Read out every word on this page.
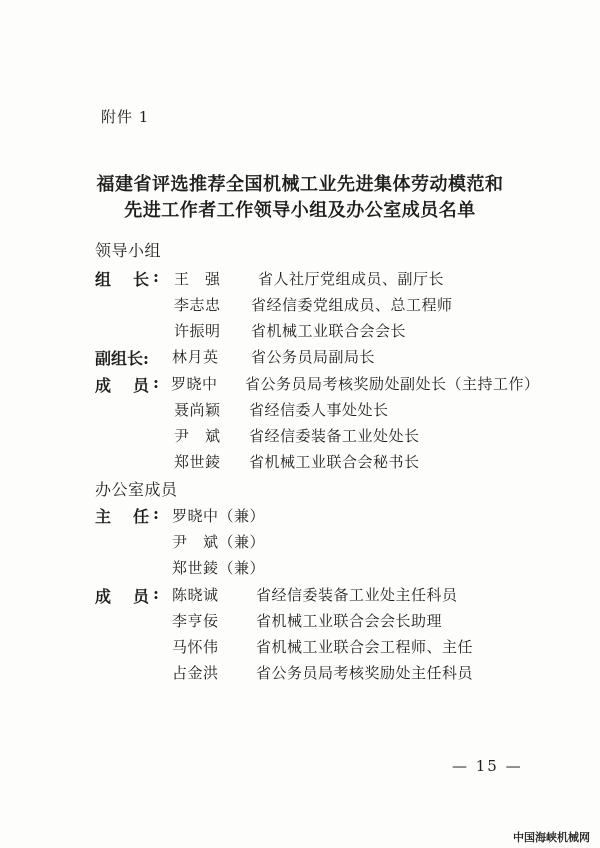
附件 1
福建省评选推荐全国机械工业先进集体劳动模范和
先进工作者工作领导小组及办公室成员名单
领导小组
组 长 : 王　强 省人社厅党组成员、副厅长
李志忠 省经信委党组成员、总工程师
许振明 省机械工业联合会会长
副组长:	林月英 省公务员局副局长
成 员 : 罗晓中 省公务员局考核奖励处副处长（主持工作）
聂尚颖 省经信委人事处处长
尹　斌 省经信委装备工业处处长
郑世錂 省机械工业联合会秘书长
办公室成员
主 任 : 罗晓中（兼）
尹　斌（兼）
郑世錂（兼）
成 员 : 陈晓诚 省经信委装备工业处主任科员
李亨佞 省机械工业联合会会长助理
马怀伟 省机械工业联合会工程师、主任
占金洪 省公务员局考核奖励处主任科员
— 15 —
中国海峡机械网
